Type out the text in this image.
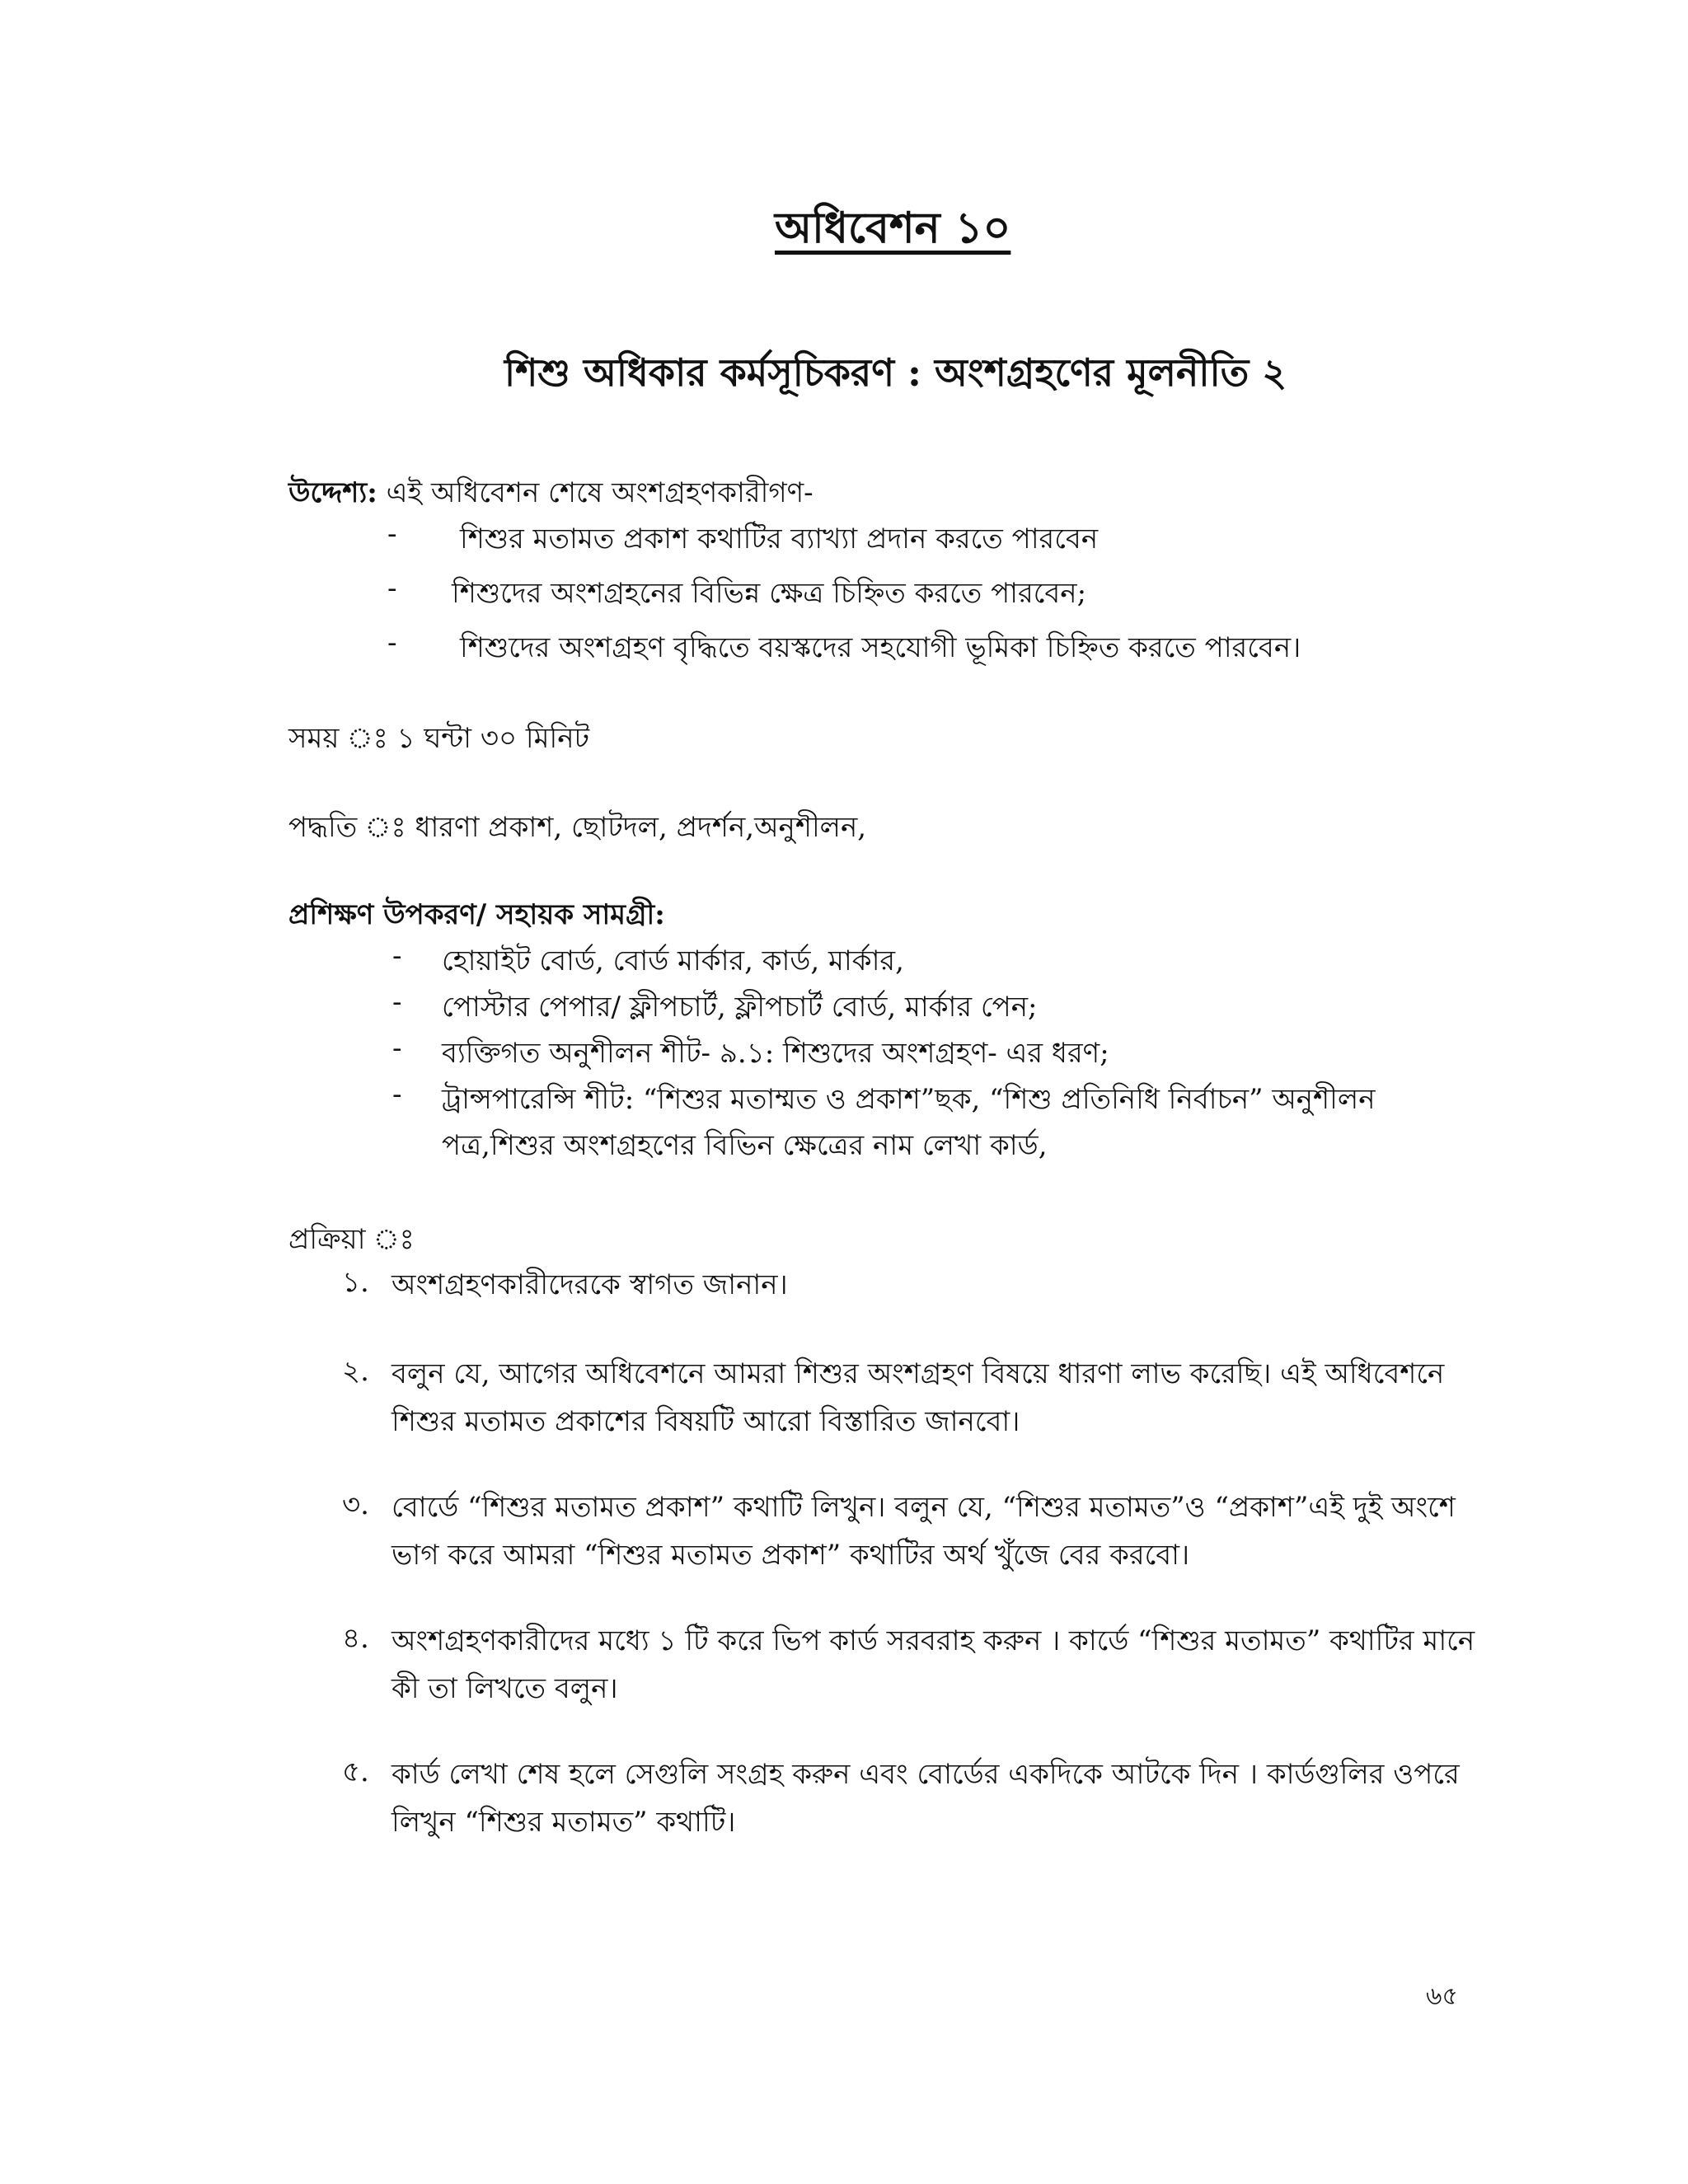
অধিবেশন ১০
শিশু অধিকার কর্মসূচিকরণ : অংশগ্রহণের মূলনীতি ২
উদ্দেশ্য: এই অধিবেশন শেষে অংশগ্রহণকারীগণ-
- শিশুর মতামত প্রকাশ কথাটির ব্যাখ্যা প্রদান করতে পারবেন
- শিশুদের অংশগ্রহনের বিভিন্ন ক্ষেত্র চিহ্নিত করতে পারবেন;
- শিশুদের অংশগ্রহণ বৃদ্ধিতে বয়স্কদের সহযোগী ভূমিকা চিহ্নিত করতে পারবেন।
সময় ঃ ১ ঘন্টা ৩০ মিনিট
পদ্ধতি ঃ ধারণা প্রকাশ, ছোটদল, প্রদর্শন,অনুশীলন,
প্রশিক্ষণ উপকরণ/ সহায়ক সামগ্রী:
- হোয়াইট বোর্ড, বোর্ড মার্কার, কার্ড, মার্কার,
- পোস্টার পেপার/ ফ্লীপচার্ট, ফ্লীপচার্ট বোর্ড, মার্কার পেন;
- ব্যক্তিগত অনুশীলন শীট- ৯.১: শিশুদের অংশগ্রহণ- এর ধরণ;
- ট্রান্সপারেন্সি শীট: “শিশুর মতাম্মত ও প্রকাশ”ছক, “শিশু প্রতিনিধি নির্বাচন” অনুশীলন
পত্র,শিশুর অংশগ্রহণের বিভিন ক্ষেত্রের নাম লেখা কার্ড,
প্রক্রিয়া ঃ
১. অংশগ্রহণকারীদেরকে স্বাগত জানান।
২. বলুন যে, আগের অধিবেশনে আমরা শিশুর অংশগ্রহণ বিষয়ে ধারণা লাভ করেছি। এই অধিবেশনে শিশুর মতামত প্রকাশের বিষয়টি আরো বিস্তারিত জানবো।
৩. বোর্ডে “শিশুর মতামত প্রকাশ” কথাটি লিখুন। বলুন যে, “শিশুর মতামত”ও “প্রকাশ”এই দুই অংশে ভাগ করে আমরা “শিশুর মতামত প্রকাশ” কথাটির অর্থ খুঁজে বের করবো।
৪. অংশগ্রহণকারীদের মধ্যে ১ টি করে ভিপ কার্ড সরবরাহ করুন । কার্ডে “শিশুর মতামত” কথাটির মানে কী তা লিখতে বলুন।
৫. কার্ড লেখা শেষ হলে সেগুলি সংগ্রহ করুন এবং বোর্ডের একদিকে আটকে দিন । কার্ডগুলির ওপরে লিখুন “শিশুর মতামত” কথাটি।
৬৫
